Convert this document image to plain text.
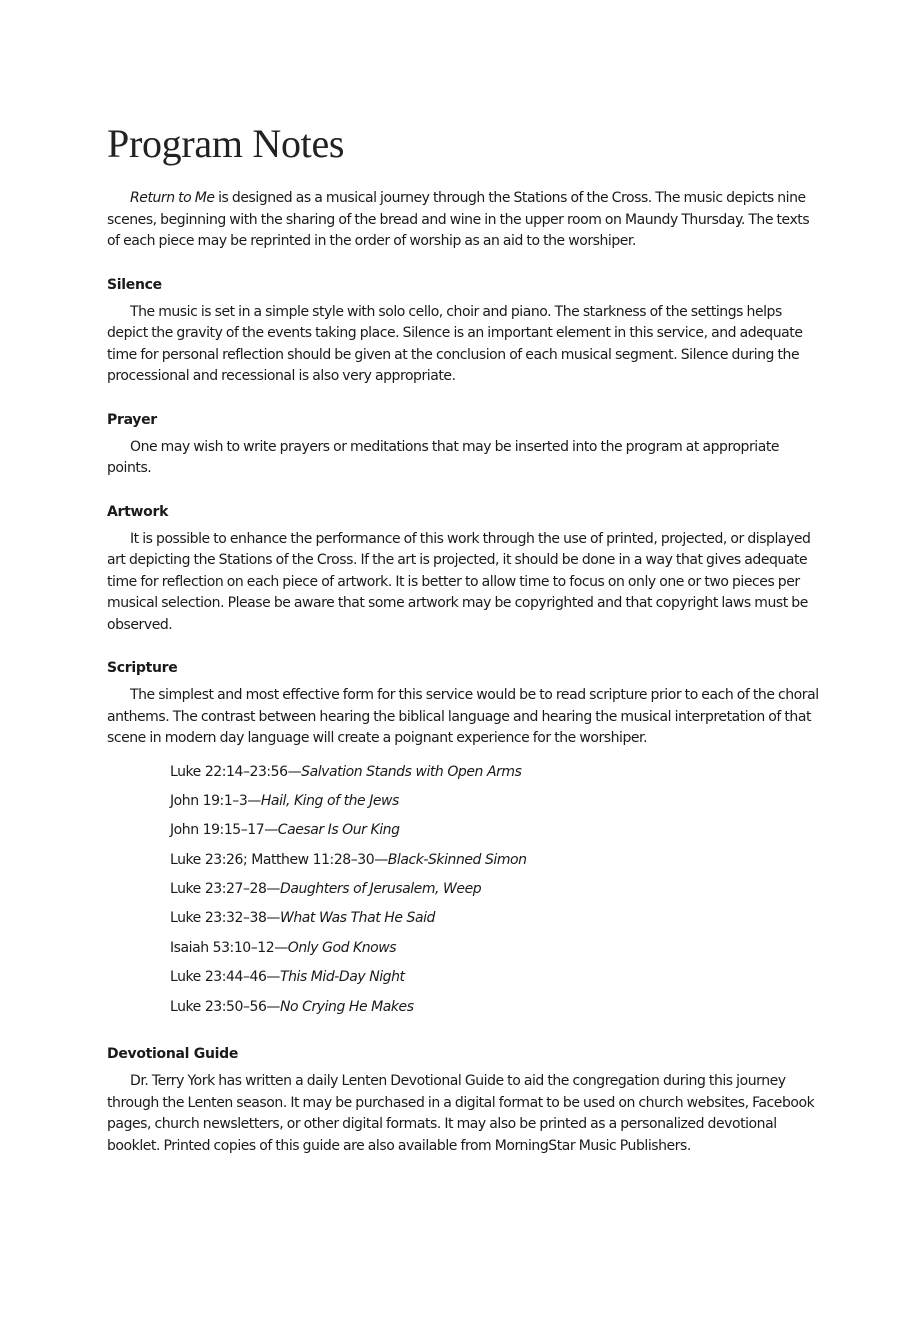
Program Notes

Return to Me is designed as a musical journey through the Stations of the Cross. The music depicts nine scenes, beginning with the sharing of the bread and wine in the upper room on Maundy Thursday. The texts of each piece may be reprinted in the order of worship as an aid to the worshiper.

Silence

The music is set in a simple style with solo cello, choir and piano. The starkness of the settings helps depict the gravity of the events taking place. Silence is an important element in this service, and adequate time for personal reflection should be given at the conclusion of each musical segment. Silence during the processional and recessional is also very appropriate.

Prayer

One may wish to write prayers or meditations that may be inserted into the program at appropriate points.

Artwork

It is possible to enhance the performance of this work through the use of printed, projected, or displayed art depicting the Stations of the Cross. If the art is projected, it should be done in a way that gives adequate time for reflection on each piece of artwork. It is better to allow time to focus on only one or two pieces per musical selection. Please be aware that some artwork may be copyrighted and that copyright laws must be observed.

Scripture

The simplest and most effective form for this service would be to read scripture prior to each of the choral anthems. The contrast between hearing the biblical language and hearing the musical interpretation of that scene in modern day language will create a poignant experience for the worshiper.

Luke 22:14–23:56—Salvation Stands with Open Arms
John 19:1–3—Hail, King of the Jews
John 19:15–17—Caesar Is Our King
Luke 23:26; Matthew 11:28–30—Black-Skinned Simon
Luke 23:27–28—Daughters of Jerusalem, Weep
Luke 23:32–38—What Was That He Said
Isaiah 53:10–12—Only God Knows
Luke 23:44–46—This Mid-Day Night
Luke 23:50–56—No Crying He Makes
Devotional Guide

Dr. Terry York has written a daily Lenten Devotional Guide to aid the congregation during this journey through the Lenten season. It may be purchased in a digital format to be used on church websites, Facebook pages, church newsletters, or other digital formats. It may also be printed as a personalized devotional booklet. Printed copies of this guide are also available from MorningStar Music Publishers.
